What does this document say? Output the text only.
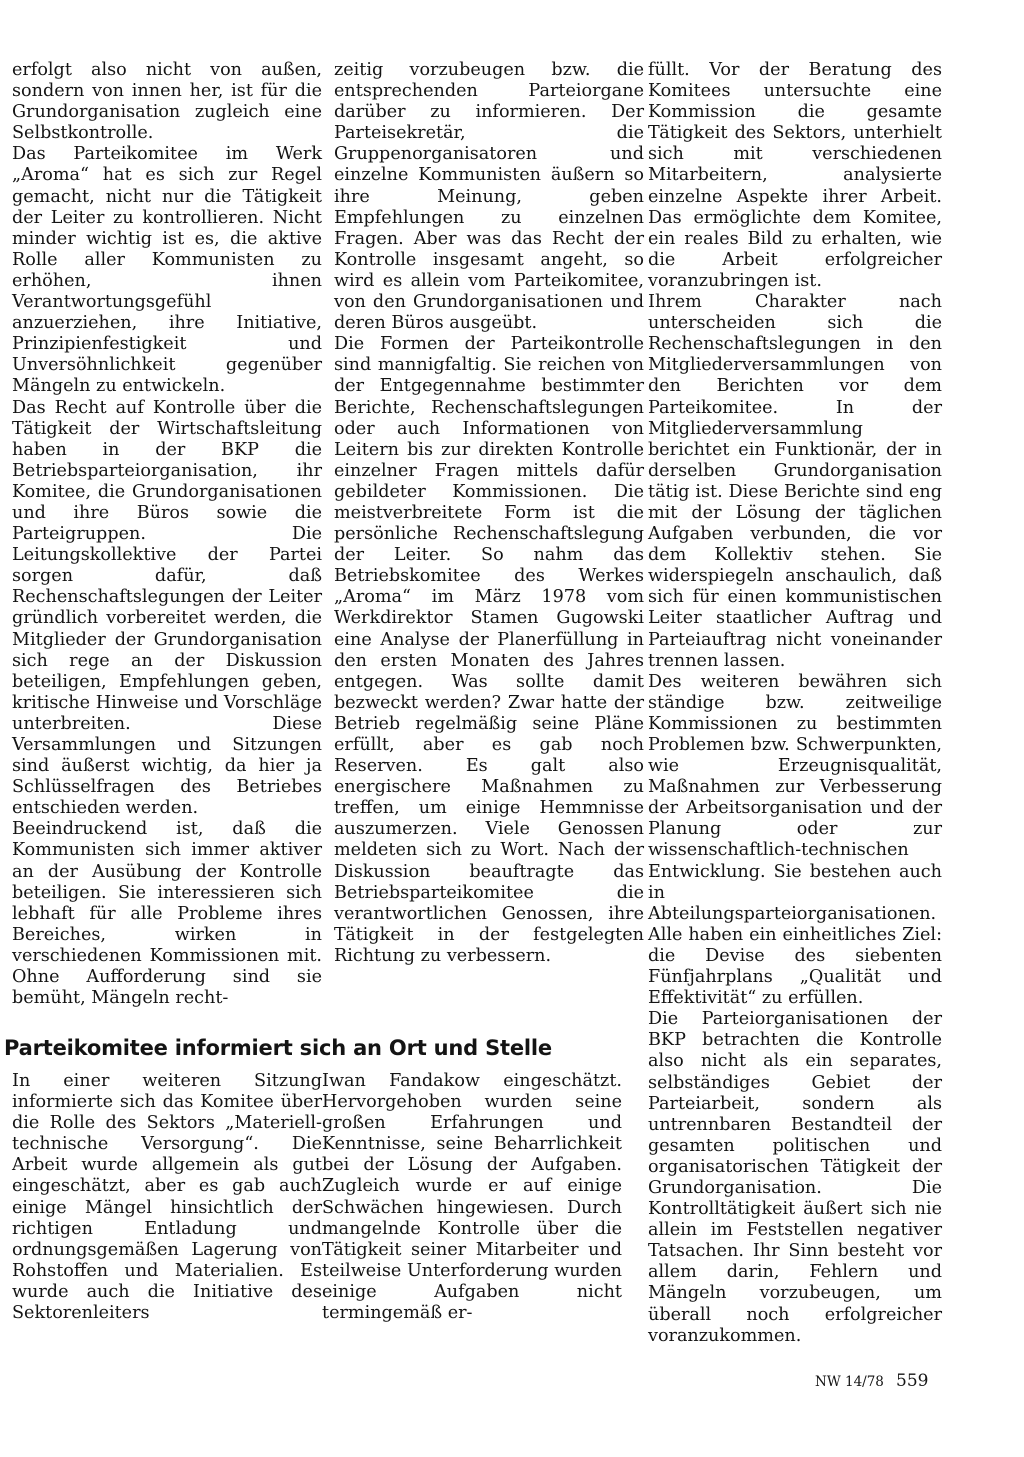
erfolgt also nicht von außen, sondern von innen her, ist für die Grundorganisation zugleich eine Selbstkontrolle.

Das Parteikomitee im Werk „Aroma“ hat es sich zur Regel gemacht, nicht nur die Tätigkeit der Leiter zu kontrollieren. Nicht minder wichtig ist es, die aktive Rolle aller Kommunisten zu erhöhen, ihnen Verantwortungsgefühl anzuerziehen, ihre Initiative, Prinzipienfestigkeit und Unversöhnlichkeit gegenüber Mängeln zu entwickeln.

Das Recht auf Kontrolle über die Tätigkeit der Wirtschaftsleitung haben in der BKP die Betriebsparteiorganisation, ihr Komitee, die Grundorganisationen und ihre Büros sowie die Parteigruppen. Die Leitungskollektive der Partei sorgen dafür, daß Rechenschaftslegungen der Leiter gründlich vorbereitet werden, die Mitglieder der Grundorganisation sich rege an der Diskussion beteiligen, Empfehlungen geben, kritische Hinweise und Vorschläge unterbreiten. Diese Versammlungen und Sitzungen sind äußerst wichtig, da hier ja Schlüsselfragen des Betriebes entschieden werden.

Beeindruckend ist, daß die Kommunisten sich immer aktiver an der Ausübung der Kontrolle beteiligen. Sie interessieren sich lebhaft für alle Probleme ihres Bereiches, wirken in verschiedenen Kommissionen mit. Ohne Aufforderung sind sie bemüht, Mängeln recht-

zeitig vorzubeugen bzw. die entsprechenden Parteiorgane darüber zu informieren. Der Parteisekretär, die Gruppenorganisatoren und einzelne Kommunisten äußern so ihre Meinung, geben Empfehlungen zu einzelnen Fragen. Aber was das Recht der Kontrolle insgesamt angeht, so wird es allein vom Parteikomitee, von den Grundorganisationen und deren Büros ausgeübt.

Die Formen der Parteikontrolle sind mannigfaltig. Sie reichen von der Entgegennahme bestimmter Berichte, Rechenschaftslegungen oder auch Informationen von Leitern bis zur direkten Kontrolle einzelner Fragen mittels dafür gebildeter Kommissionen. Die meistverbreitete Form ist die persönliche Rechenschaftslegung der Leiter. So nahm das Betriebskomitee des Werkes „Aroma“ im März 1978 vom Werkdirektor Stamen Gugowski eine Analyse der Planerfüllung in den ersten Monaten des Jahres entgegen. Was sollte damit bezweckt werden? Zwar hatte der Betrieb regelmäßig seine Pläne erfüllt, aber es gab noch Reserven. Es galt also energischere Maßnahmen zu treffen, um einige Hemmnisse auszumerzen. Viele Genossen meldeten sich zu Wort. Nach der Diskussion beauftragte das Betriebsparteikomitee die verantwortlichen Genossen, ihre Tätigkeit in der festgelegten Richtung zu verbessern.

füllt. Vor der Beratung des Komitees untersuchte eine Kommission die gesamte Tätigkeit des Sektors, unterhielt sich mit verschiedenen Mitarbeitern, analysierte einzelne Aspekte ihrer Arbeit. Das ermöglichte dem Komitee, ein reales Bild zu erhalten, wie die Arbeit erfolgreicher voranzubringen ist.

Ihrem Charakter nach unterscheiden sich die Rechenschaftslegungen in den Mitgliederversammlungen von den Berichten vor dem Parteikomitee. In der Mitgliederversammlung berichtet ein Funktionär, der in derselben Grundorganisation tätig ist. Diese Berichte sind eng mit der Lösung der täglichen Aufgaben verbunden, die vor dem Kollektiv stehen. Sie widerspiegeln anschaulich, daß sich für einen kommunistischen Leiter staatlicher Auftrag und Parteiauftrag nicht voneinander trennen lassen.

Des weiteren bewähren sich ständige bzw. zeitweilige Kommissionen zu bestimmten Problemen bzw. Schwerpunkten, wie Erzeugnisqualität, Maßnahmen zur Verbesserung der Arbeitsorganisation und der Planung oder zur wissenschaftlich-technischen Entwicklung. Sie bestehen auch in Abteilungsparteiorganisationen.

Alle haben ein einheitliches Ziel: die Devise des siebenten Fünfjahrplans „Qualität und Effektivität“ zu erfüllen.

Die Parteiorganisationen der BKP betrachten die Kontrolle also nicht als ein separates, selbständiges Gebiet der Parteiarbeit, sondern als untrennbaren Bestandteil der gesamten politischen und organisatorischen Tätigkeit der Grundorganisation. Die Kontrolltätigkeit äußert sich nie allein im Feststellen negativer Tatsachen. Ihr Sinn besteht vor allem darin, Fehlern und Mängeln vorzubeugen, um überall noch erfolgreicher voranzukommen.

Parteikomitee informiert sich an Ort und Stelle

In einer weiteren Sitzung informierte sich das Komitee über die Rolle des Sektors „Materiell-technische Versorgung“. Die Arbeit wurde allgemein als gut eingeschätzt, aber es gab auch einige Mängel hinsichtlich der richtigen Entladung und ordnungsgemäßen Lagerung von Rohstoffen und Materialien. Es wurde auch die Initiative des Sektorenleiters

Iwan Fandakow eingeschätzt. Hervorgehoben wurden seine großen Erfahrungen und Kenntnisse, seine Beharrlichkeit bei der Lösung der Aufgaben. Zugleich wurde er auf einige Schwächen hingewiesen. Durch mangelnde Kontrolle über die Tätigkeit seiner Mitarbeiter und teilweise Unterforderung wurden einige Aufgaben nicht termingemäß er-

NW 14/78 559
